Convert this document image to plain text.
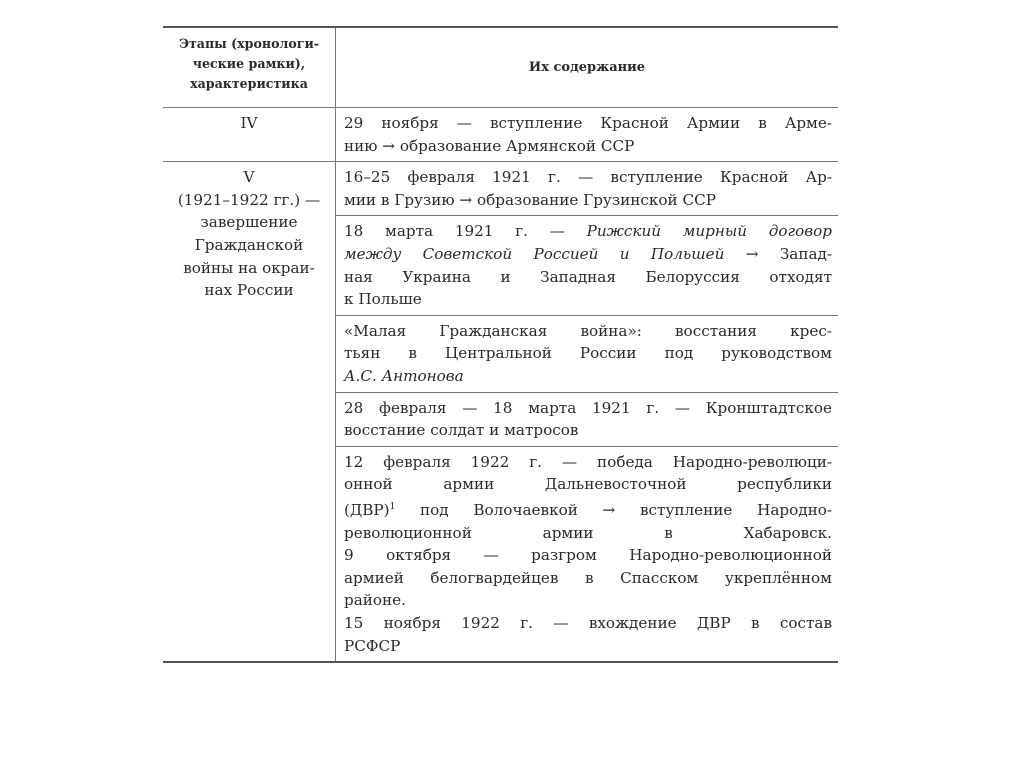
Этапы (хронологи-
ческие рамки),
характеристика
Их содержание
IV	29 ноября — вступление Красной Армии в Арме-
нию → образование Армянской ССР
V
(1921–1922 гг.) —
завершение
Гражданской
войны на окраи-
нах России
16–25 февраля 1921 г. — вступление Красной Ар-
мии в Грузию → образование Грузинской ССР
18 марта 1921 г. — Рижский мирный договор
между Советской Россией и Польшей → Запад-
ная Украина и Западная Белоруссия отходят
к Польше
«Малая Гражданская война»: восстания крес-
тьян в Центральной России под руководством
А.С. Антонова
28 февраля — 18 марта 1921 г. — Кронштадтское
восстание солдат и матросов
12 февраля 1922 г. — победа Народно-революци-
онной армии Дальневосточной республики
(ДВР)$^1$ под Волочаевкой → вступление Народно-
революционной армии в Хабаровск.
9 октября — разгром Народно-революционной
армией белогвардейцев в Спасском укреплённом
районе.
15 ноября 1922 г. — вхождение ДВР в состав
РСФСР
